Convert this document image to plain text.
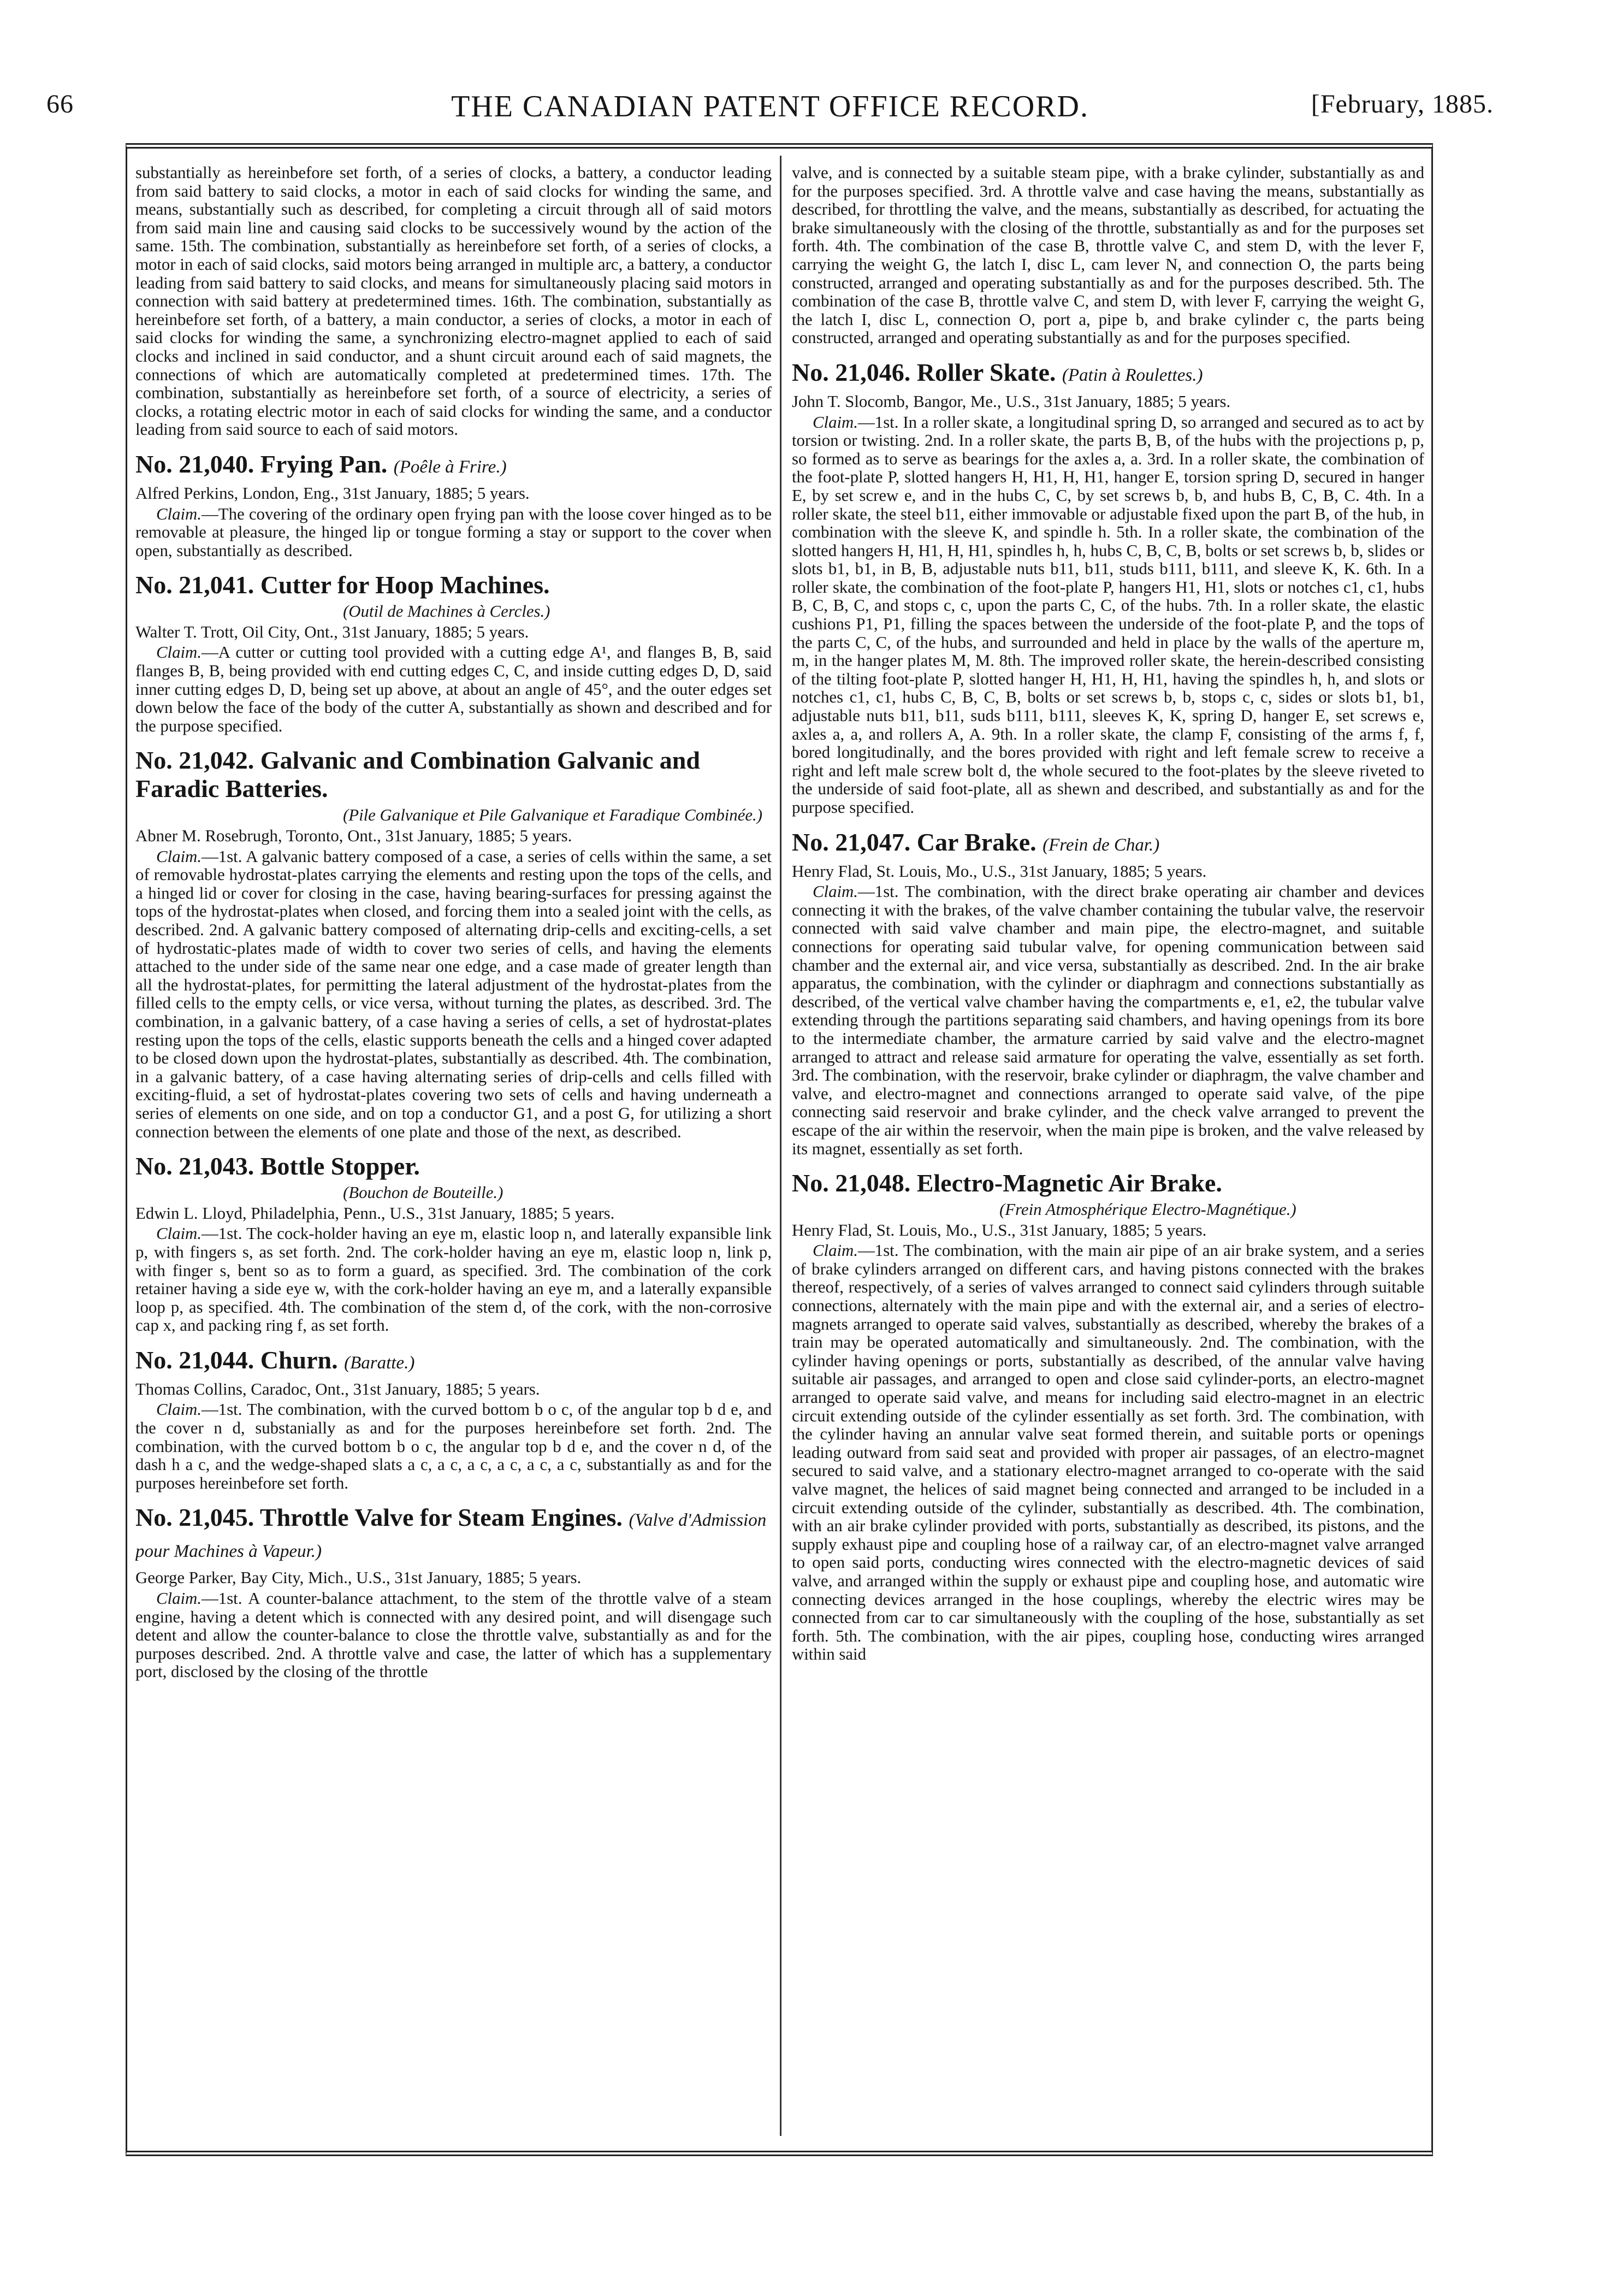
66	THE CANADIAN PATENT OFFICE RECORD.	[February, 1885.

substantially as hereinbefore set forth, of a series of clocks, a battery, a conductor leading from said battery to said clocks, a motor in each of said clocks for winding the same, and means, substantially such as described, for completing a circuit through all of said motors from said main line and causing said clocks to be successively wound by the action of the same. 15th. The combination, substantially as hereinbefore set forth, of a series of clocks, a motor in each of said clocks, said motors being arranged in multiple arc, a battery, a conductor leading from said battery to said clocks, and means for simultaneously placing said motors in connection with said battery at predetermined times. 16th. The combination, substantially as hereinbefore set forth, of a battery, a main conductor, a series of clocks, a motor in each of said clocks for winding the same, a synchronizing electro-magnet applied to each of said clocks and inclined in said conductor, and a shunt circuit around each of said magnets, the connections of which are automatically completed at predetermined times. 17th. The combination, substantially as hereinbefore set forth, of a source of electricity, a series of clocks, a rotating electric motor in each of said clocks for winding the same, and a conductor leading from said source to each of said motors.

No. 21,040. Frying Pan. (Poêle à Frire.)

Alfred Perkins, London, Eng., 31st January, 1885; 5 years.

Claim.—The covering of the ordinary open frying pan with the loose cover hinged as to be removable at pleasure, the hinged lip or tongue forming a stay or support to the cover when open, substantially as described.

No. 21,041. Cutter for Hoop Machines.

(Outil de Machines à Cercles.)

Walter T. Trott, Oil City, Ont., 31st January, 1885; 5 years.

Claim.—A cutter or cutting tool provided with a cutting edge A¹, and flanges B, B, said flanges B, B, being provided with end cutting edges C, C, and inside cutting edges D, D, said inner cutting edges D, D, being set up above, at about an angle of 45°, and the outer edges set down below the face of the body of the cutter A, substantially as shown and described and for the purpose specified.

No. 21,042. Galvanic and Combination Galvanic and Faradic Batteries.

(Pile Galvanique et Pile Galvanique et Faradique Combinée.)

Abner M. Rosebrugh, Toronto, Ont., 31st January, 1885; 5 years.

Claim.—1st. A galvanic battery composed of a case, a series of cells within the same, a set of removable hydrostat-plates carrying the elements and resting upon the tops of the cells, and a hinged lid or cover for closing in the case, having bearing-surfaces for pressing against the tops of the hydrostat-plates when closed, and forcing them into a sealed joint with the cells, as described. 2nd. A galvanic battery composed of alternating drip-cells and exciting-cells, a set of hydrostatic-plates made of width to cover two series of cells, and having the elements attached to the under side of the same near one edge, and a case made of greater length than all the hydrostat-plates, for permitting the lateral adjustment of the hydrostat-plates from the filled cells to the empty cells, or vice versa, without turning the plates, as described. 3rd. The combination, in a galvanic battery, of a case having a series of cells, a set of hydrostat-plates resting upon the tops of the cells, elastic supports beneath the cells and a hinged cover adapted to be closed down upon the hydrostat-plates, substantially as described. 4th. The combination, in a galvanic battery, of a case having alternating series of drip-cells and cells filled with exciting-fluid, a set of hydrostat-plates covering two sets of cells and having underneath a series of elements on one side, and on top a conductor G1, and a post G, for utilizing a short connection between the elements of one plate and those of the next, as described.

No. 21,043. Bottle Stopper.

(Bouchon de Bouteille.)

Edwin L. Lloyd, Philadelphia, Penn., U.S., 31st January, 1885; 5 years.

Claim.—1st. The cock-holder having an eye m, elastic loop n, and laterally expansible link p, with fingers s, as set forth. 2nd. The cork-holder having an eye m, elastic loop n, link p, with finger s, bent so as to form a guard, as specified. 3rd. The combination of the cork retainer having a side eye w, with the cork-holder having an eye m, and a laterally expansible loop p, as specified. 4th. The combination of the stem d, of the cork, with the non-corrosive cap x, and packing ring f, as set forth.

No. 21,044. Churn. (Baratte.)

Thomas Collins, Caradoc, Ont., 31st January, 1885; 5 years.

Claim.—1st. The combination, with the curved bottom b o c, of the angular top b d e, and the cover n d, substanially as and for the purposes hereinbefore set forth. 2nd. The combination, with the curved bottom b o c, the angular top b d e, and the cover n d, of the dash h a c, and the wedge-shaped slats a c, a c, a c, a c, a c, a c, substantially as and for the purposes hereinbefore set forth.

No. 21,045. Throttle Valve for Steam Engines. (Valve d'Admission pour Machines à Vapeur.)

George Parker, Bay City, Mich., U.S., 31st January, 1885; 5 years.

Claim.—1st. A counter-balance attachment, to the stem of the throttle valve of a steam engine, having a detent which is connected with any desired point, and will disengage such detent and allow the counter-balance to close the throttle valve, substantially as and for the purposes described. 2nd. A throttle valve and case, the latter of which has a supplementary port, disclosed by the closing of the throttle

valve, and is connected by a suitable steam pipe, with a brake cylinder, substantially as and for the purposes specified. 3rd. A throttle valve and case having the means, substantially as described, for throttling the valve, and the means, substantially as described, for actuating the brake simultaneously with the closing of the throttle, substantially as and for the purposes set forth. 4th. The combination of the case B, throttle valve C, and stem D, with the lever F, carrying the weight G, the latch I, disc L, cam lever N, and connection O, the parts being constructed, arranged and operating substantially as and for the purposes described. 5th. The combination of the case B, throttle valve C, and stem D, with lever F, carrying the weight G, the latch I, disc L, connection O, port a, pipe b, and brake cylinder c, the parts being constructed, arranged and operating substantially as and for the purposes specified.

No. 21,046. Roller Skate. (Patin à Roulettes.)

John T. Slocomb, Bangor, Me., U.S., 31st January, 1885; 5 years.

Claim.—1st. In a roller skate, a longitudinal spring D, so arranged and secured as to act by torsion or twisting. 2nd. In a roller skate, the parts B, B, of the hubs with the projections p, p, so formed as to serve as bearings for the axles a, a. 3rd. In a roller skate, the combination of the foot-plate P, slotted hangers H, H1, H, H1, hanger E, torsion spring D, secured in hanger E, by set screw e, and in the hubs C, C, by set screws b, b, and hubs B, C, B, C. 4th. In a roller skate, the steel b11, either immovable or adjustable fixed upon the part B, of the hub, in combination with the sleeve K, and spindle h. 5th. In a roller skate, the combination of the slotted hangers H, H1, H, H1, spindles h, h, hubs C, B, C, B, bolts or set screws b, b, slides or slots b1, b1, in B, B, adjustable nuts b11, b11, studs b111, b111, and sleeve K, K. 6th. In a roller skate, the combination of the foot-plate P, hangers H1, H1, slots or notches c1, c1, hubs B, C, B, C, and stops c, c, upon the parts C, C, of the hubs. 7th. In a roller skate, the elastic cushions P1, P1, filling the spaces between the underside of the foot-plate P, and the tops of the parts C, C, of the hubs, and surrounded and held in place by the walls of the aperture m, m, in the hanger plates M, M. 8th. The improved roller skate, the herein-described consisting of the tilting foot-plate P, slotted hanger H, H1, H, H1, having the spindles h, h, and slots or notches c1, c1, hubs C, B, C, B, bolts or set screws b, b, stops c, c, sides or slots b1, b1, adjustable nuts b11, b11, suds b111, b111, sleeves K, K, spring D, hanger E, set screws e, axles a, a, and rollers A, A. 9th. In a roller skate, the clamp F, consisting of the arms f, f, bored longitudinally, and the bores provided with right and left female screw to receive a right and left male screw bolt d, the whole secured to the foot-plates by the sleeve riveted to the underside of said foot-plate, all as shewn and described, and substantially as and for the purpose specified.

No. 21,047. Car Brake. (Frein de Char.)

Henry Flad, St. Louis, Mo., U.S., 31st January, 1885; 5 years.

Claim.—1st. The combination, with the direct brake operating air chamber and devices connecting it with the brakes, of the valve chamber containing the tubular valve, the reservoir connected with said valve chamber and main pipe, the electro-magnet, and suitable connections for operating said tubular valve, for opening communication between said chamber and the external air, and vice versa, substantially as described. 2nd. In the air brake apparatus, the combination, with the cylinder or diaphragm and connections substantially as described, of the vertical valve chamber having the compartments e, e1, e2, the tubular valve extending through the partitions separating said chambers, and having openings from its bore to the intermediate chamber, the armature carried by said valve and the electro-magnet arranged to attract and release said armature for operating the valve, essentially as set forth. 3rd. The combination, with the reservoir, brake cylinder or diaphragm, the valve chamber and valve, and electro-magnet and connections arranged to operate said valve, of the pipe connecting said reservoir and brake cylinder, and the check valve arranged to prevent the escape of the air within the reservoir, when the main pipe is broken, and the valve released by its magnet, essentially as set forth.

No. 21,048. Electro-Magnetic Air Brake.

(Frein Atmosphérique Electro-Magnétique.)

Henry Flad, St. Louis, Mo., U.S., 31st January, 1885; 5 years.

Claim.—1st. The combination, with the main air pipe of an air brake system, and a series of brake cylinders arranged on different cars, and having pistons connected with the brakes thereof, respectively, of a series of valves arranged to connect said cylinders through suitable connections, alternately with the main pipe and with the external air, and a series of electro-magnets arranged to operate said valves, substantially as described, whereby the brakes of a train may be operated automatically and simultaneously. 2nd. The combination, with the cylinder having openings or ports, substantially as described, of the annular valve having suitable air passages, and arranged to open and close said cylinder-ports, an electro-magnet arranged to operate said valve, and means for including said electro-magnet in an electric circuit extending outside of the cylinder essentially as set forth. 3rd. The combination, with the cylinder having an annular valve seat formed therein, and suitable ports or openings leading outward from said seat and provided with proper air passages, of an electro-magnet secured to said valve, and a stationary electro-magnet arranged to co-operate with the said valve magnet, the helices of said magnet being connected and arranged to be included in a circuit extending outside of the cylinder, substantially as described. 4th. The combination, with an air brake cylinder provided with ports, substantially as described, its pistons, and the supply exhaust pipe and coupling hose of a railway car, of an electro-magnet valve arranged to open said ports, conducting wires connected with the electro-magnetic devices of said valve, and arranged within the supply or exhaust pipe and coupling hose, and automatic wire connecting devices arranged in the hose couplings, whereby the electric wires may be connected from car to car simultaneously with the coupling of the hose, substantially as set forth. 5th. The combination, with the air pipes, coupling hose, conducting wires arranged within said
